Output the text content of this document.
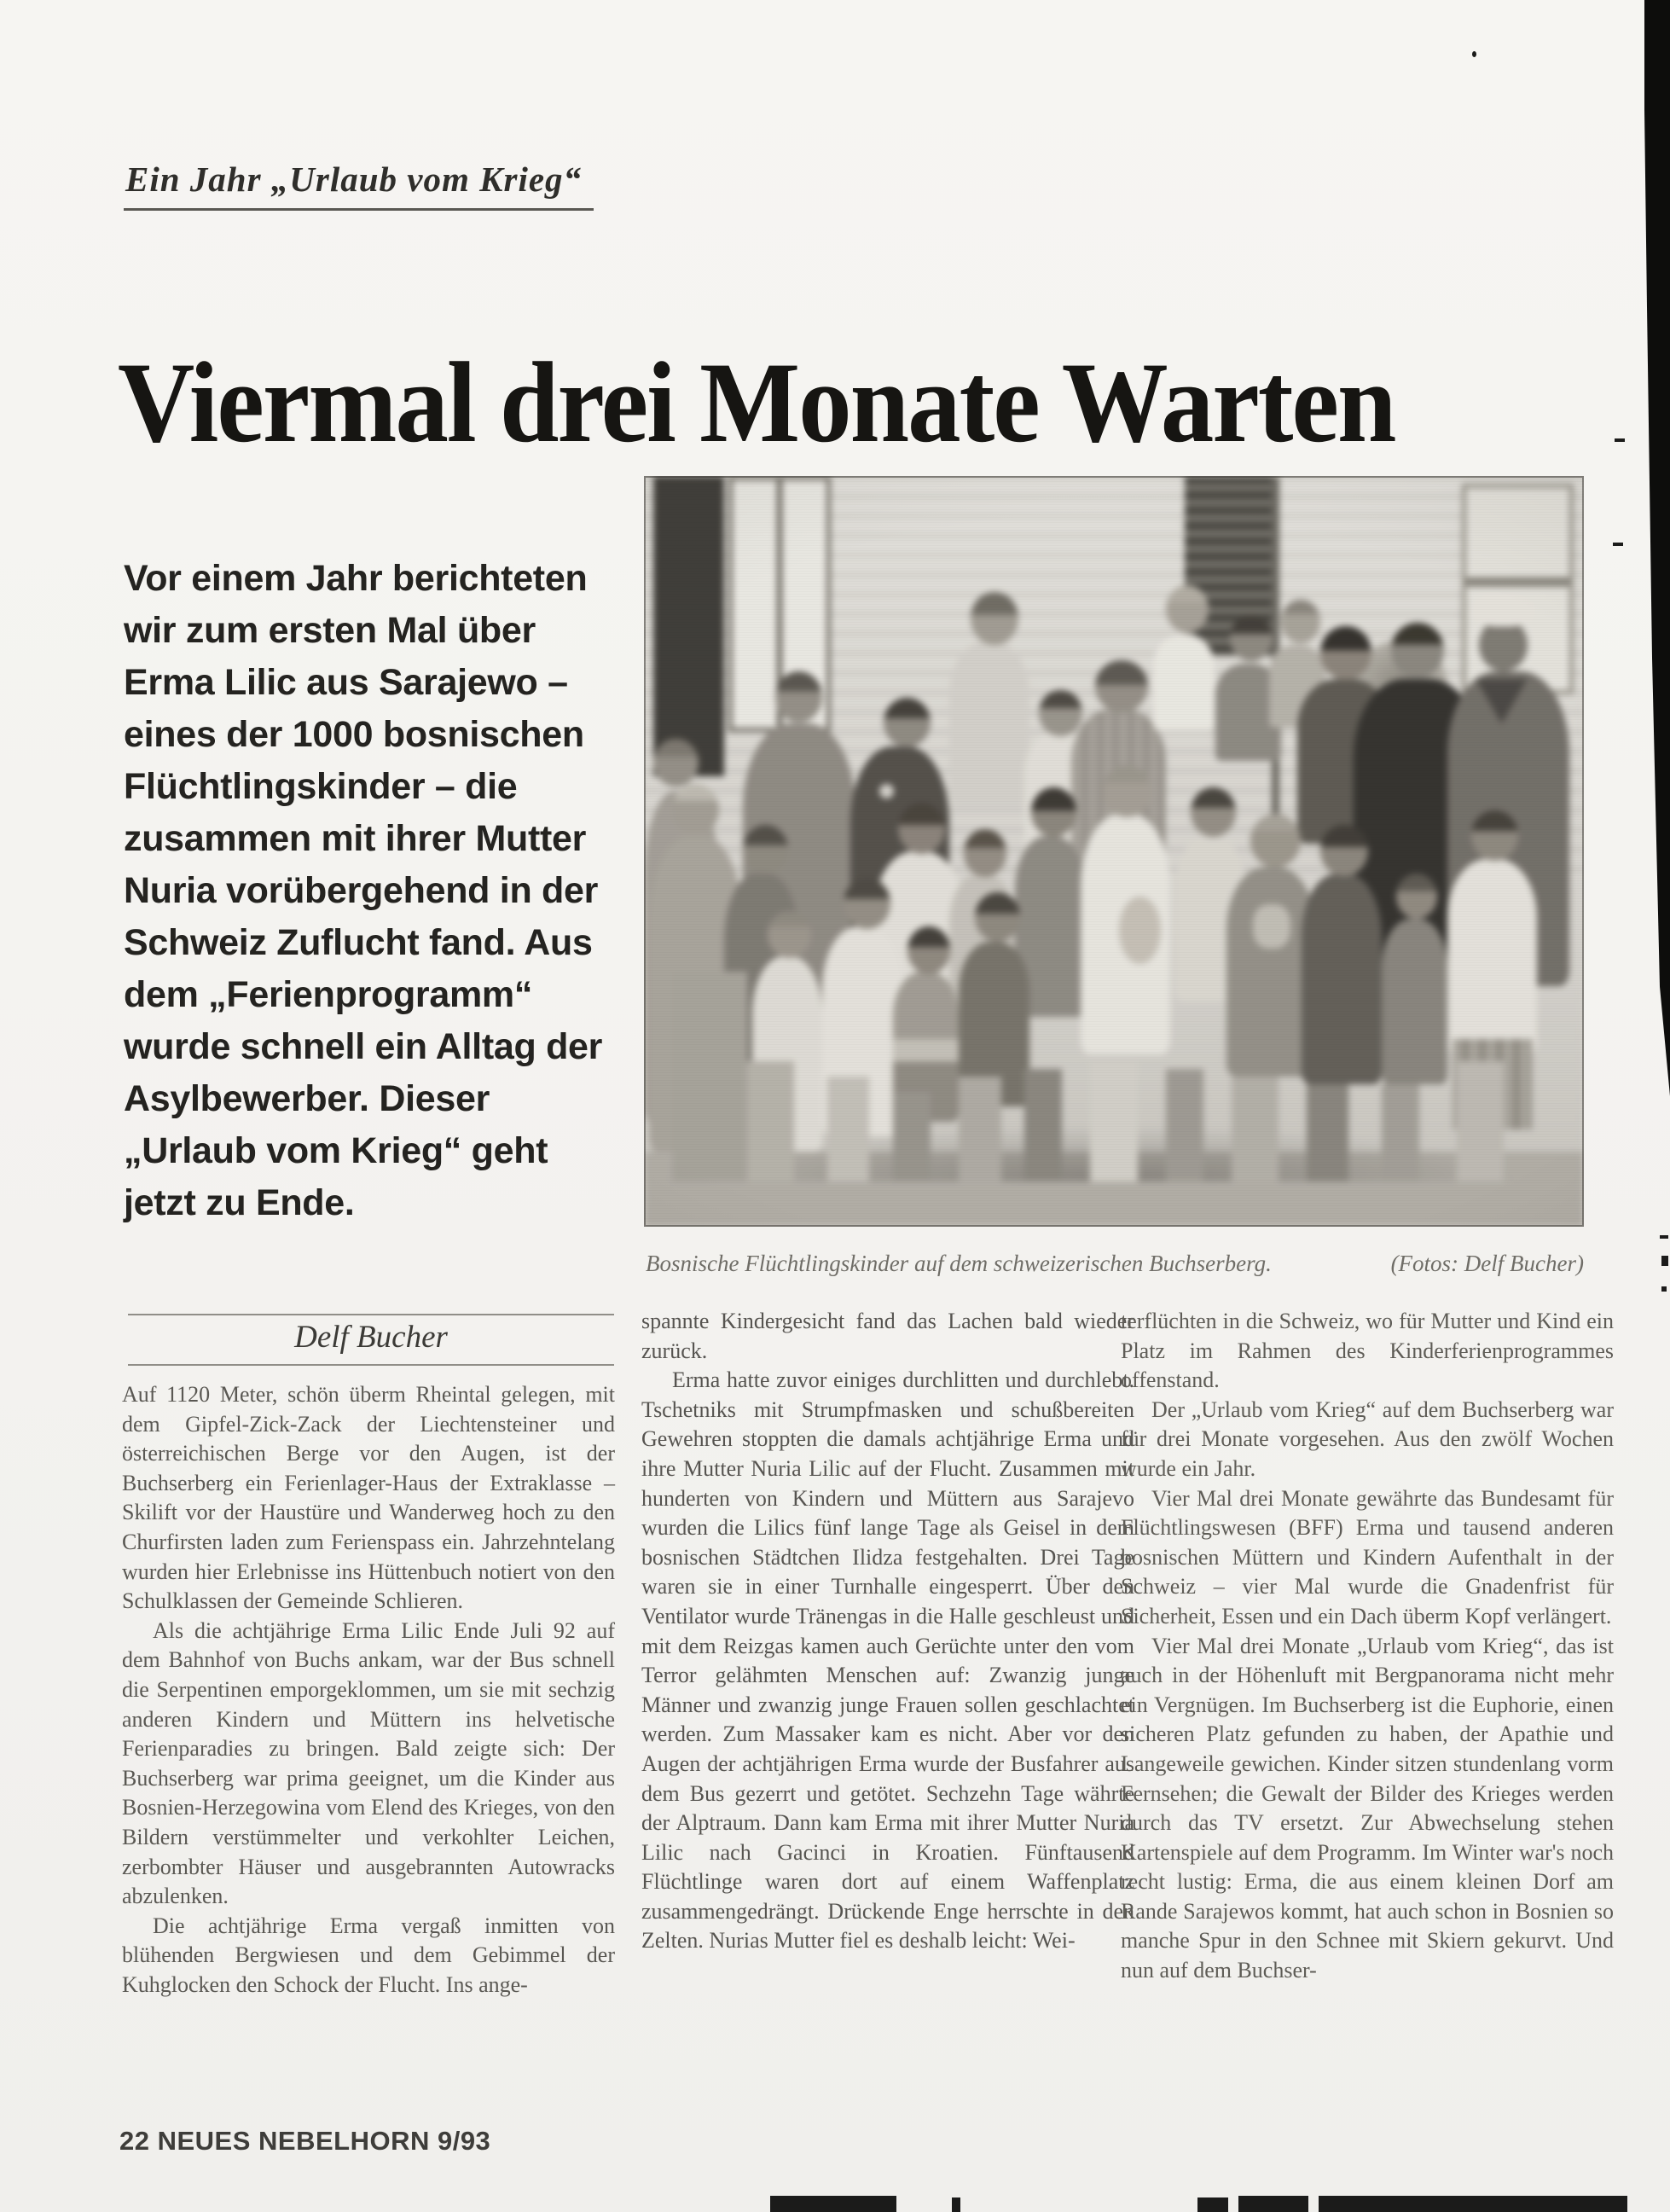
Ein Jahr „Urlaub vom Krieg“
Viermal drei Monate Warten
Vor einem Jahr berichteten wir zum ersten Mal über Erma Lilic aus Sarajewo – eines der 1000 bosnischen Flüchtlingskinder – die zusammen mit ihrer Mutter Nuria vorübergehend in der Schweiz Zuflucht fand. Aus dem „Ferienprogramm“ wurde schnell ein Alltag der Asylbewerber. Dieser „Urlaub vom Krieg“ geht jetzt zu Ende.
Bosnische Flüchtlingskinder auf dem schweizerischen Buchserberg.	(Fotos: Delf Bucher)
Delf Bucher

Auf 1120 Meter, schön überm Rheintal gelegen, mit dem Gipfel-Zick-Zack der Liechtensteiner und österreichischen Berge vor den Augen, ist der Buchserberg ein Ferienlager-Haus der Extraklasse – Skilift vor der Haustüre und Wanderweg hoch zu den Churfirsten laden zum Ferienspass ein. Jahrzehntelang wurden hier Erlebnisse ins Hüttenbuch notiert von den Schulklassen der Gemeinde Schlieren.

Als die achtjährige Erma Lilic Ende Juli 92 auf dem Bahnhof von Buchs ankam, war der Bus schnell die Serpentinen emporgeklommen, um sie mit sechzig anderen Kindern und Müttern ins helvetische Ferienparadies zu bringen. Bald zeigte sich: Der Buchserberg war prima geeignet, um die Kinder aus Bosnien-Herzegowina vom Elend des Krieges, von den Bildern verstümmelter und verkohlter Leichen, zerbombter Häuser und ausgebrannten Autowracks abzulenken.

Die achtjährige Erma vergaß inmitten von blühenden Bergwiesen und dem Gebimmel der Kuhglocken den Schock der Flucht. Ins ange-

spannte Kindergesicht fand das Lachen bald wieder zurück.

Erma hatte zuvor einiges durchlitten und durchlebt. Tschetniks mit Strumpfmasken und schußbereiten Gewehren stoppten die damals achtjährige Erma und ihre Mutter Nuria Lilic auf der Flucht. Zusammen mit hunderten von Kindern und Müttern aus Sarajevo wurden die Lilics fünf lange Tage als Geisel in dem bosnischen Städtchen Ilidza festgehalten. Drei Tage waren sie in einer Turnhalle eingesperrt. Über den Ventilator wurde Tränengas in die Halle geschleust und mit dem Reizgas kamen auch Gerüchte unter den vom Terror gelähmten Menschen auf: Zwanzig junge Männer und zwanzig junge Frauen sollen geschlachtet werden. Zum Massaker kam es nicht. Aber vor den Augen der achtjährigen Erma wurde der Busfahrer aus dem Bus gezerrt und getötet. Sechzehn Tage währte der Alptraum. Dann kam Erma mit ihrer Mutter Nuria Lilic nach Gacinci in Kroatien. Fünftausend Flüchtlinge waren dort auf einem Waffenplatz zusammengedrängt. Drückende Enge herrschte in den Zelten. Nurias Mutter fiel es deshalb leicht: Wei-

terflüchten in die Schweiz, wo für Mutter und Kind ein Platz im Rahmen des Kinderferienprogrammes offenstand.

Der „Urlaub vom Krieg“ auf dem Buchserberg war für drei Monate vorgesehen. Aus den zwölf Wochen wurde ein Jahr.

Vier Mal drei Monate gewährte das Bundesamt für Flüchtlingswesen (BFF) Erma und tausend anderen bosnischen Müttern und Kindern Aufenthalt in der Schweiz – vier Mal wurde die Gnadenfrist für Sicherheit, Essen und ein Dach überm Kopf verlängert.

Vier Mal drei Monate „Urlaub vom Krieg“, das ist auch in der Höhenluft mit Bergpanorama nicht mehr ein Vergnügen. Im Buchserberg ist die Euphorie, einen sicheren Platz gefunden zu haben, der Apathie und Langeweile gewichen. Kinder sitzen stundenlang vorm Fernsehen; die Gewalt der Bilder des Krieges werden durch das TV ersetzt. Zur Abwechselung stehen Kartenspiele auf dem Programm. Im Winter war's noch recht lustig: Erma, die aus einem kleinen Dorf am Rande Sarajewos kommt, hat auch schon in Bosnien so manche Spur in den Schnee mit Skiern gekurvt. Und nun auf dem Buchser-

22 NEUES NEBELHORN 9/93
